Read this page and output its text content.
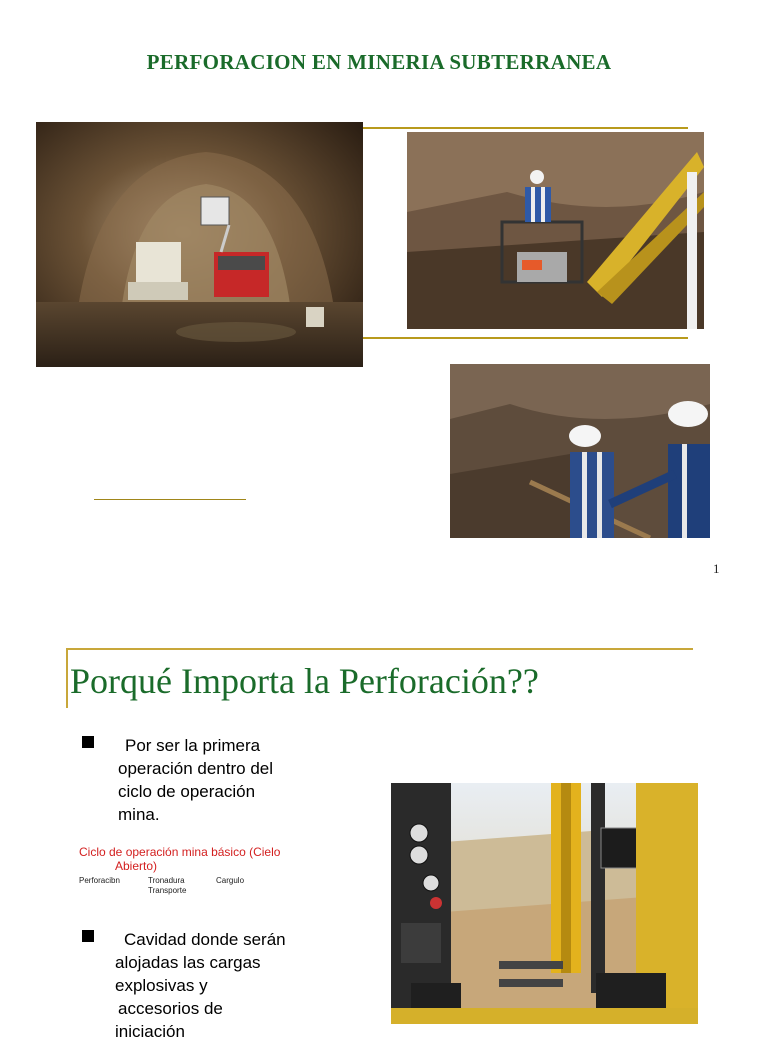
PERFORACION EN MINERIA SUBTERRANEA
1
Porqué Importa la Perforación??
Por ser la primera
operación dentro del
ciclo de operación
mina.
Ciclo de operación mina básico (Cielo
Abierto)
Perforacibn	Tronadura	Cargulo
Transporte
Cavidad donde serán
alojadas las cargas
explosivas y
accesorios de
iniciación
